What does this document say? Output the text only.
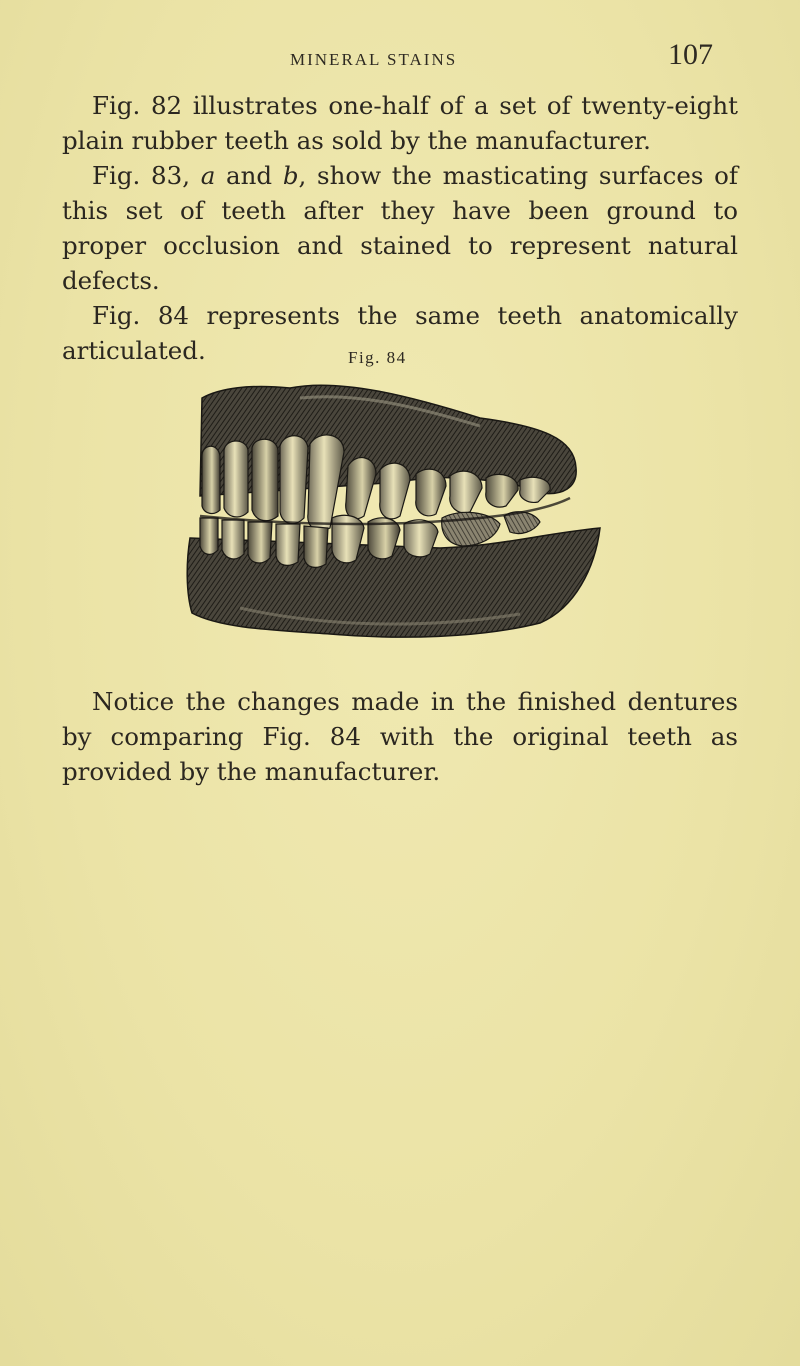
MINERAL STAINS	107

Fig. 82 illustrates one-half of a set of twenty-eight plain rubber teeth as sold by the manufacturer.

Fig. 83, a and b, show the masticating surfaces of this set of teeth after they have been ground to proper occlusion and stained to represent natural defects.

Fig. 84 represents the same teeth anatomically articulated.	Fig. 84

Notice the changes made in the finished dentures by comparing Fig. 84 with the original teeth as provided by the manufacturer.
